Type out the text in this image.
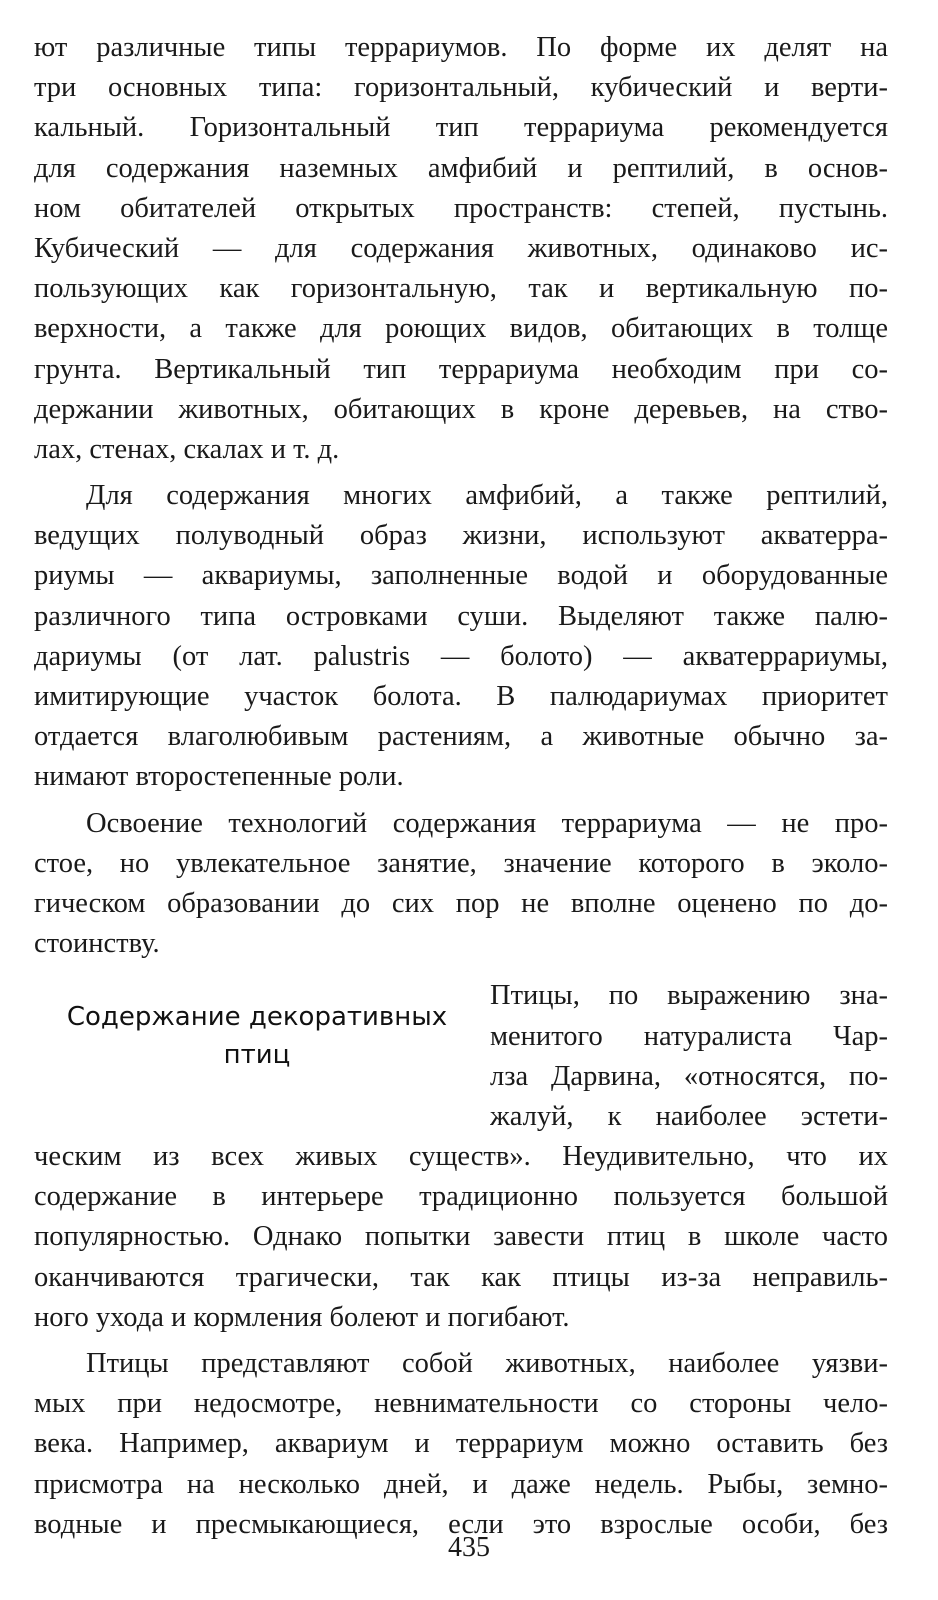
ют различные типы террариумов. По форме их делят на
три основных типа: горизонтальный, кубический и верти-
кальный. Горизонтальный тип террариума рекомендуется
для содержания наземных амфибий и рептилий, в основ-
ном обитателей открытых пространств: степей, пустынь.
Кубический — для содержания животных, одинаково ис-
пользующих как горизонтальную, так и вертикальную по-
верхности, а также для роющих видов, обитающих в толще
грунта. Вертикальный тип террариума необходим при со-
держании животных, обитающих в кроне деревьев, на ство-
лах, стенах, скалах и т. д.
Для содержания многих амфибий, а также рептилий,
ведущих полуводный образ жизни, используют акватерра-
риумы — аквариумы, заполненные водой и оборудованные
различного типа островками суши. Выделяют также палю-
дариумы (от лат. palustris — болото) — акватеррариумы,
имитирующие участок болота. В палюдариумах приоритет
отдается влаголюбивым растениям, а животные обычно за-
нимают второстепенные роли.
Освоение технологий содержания террариума — не про-
стое, но увлекательное занятие, значение которого в эколо-
гическом образовании до сих пор не вполне оценено по до-
стоинству.
Содержание декоративных
птиц
Птицы, по выражению зна-
менитого натуралиста Чар-
лза Дарвина, «относятся, по-
жалуй, к наиболее эстети-
ческим из всех живых существ». Неудивительно, что их
содержание в интерьере традиционно пользуется большой
популярностью. Однако попытки завести птиц в школе часто
оканчиваются трагически, так как птицы из-за неправиль-
ного ухода и кормления болеют и погибают.
Птицы представляют собой животных, наиболее уязви-
мых при недосмотре, невнимательности со стороны чело-
века. Например, аквариум и террариум можно оставить без
присмотра на несколько дней, и даже недель. Рыбы, земно-
водные и пресмыкающиеся, если это взрослые особи, без
435
